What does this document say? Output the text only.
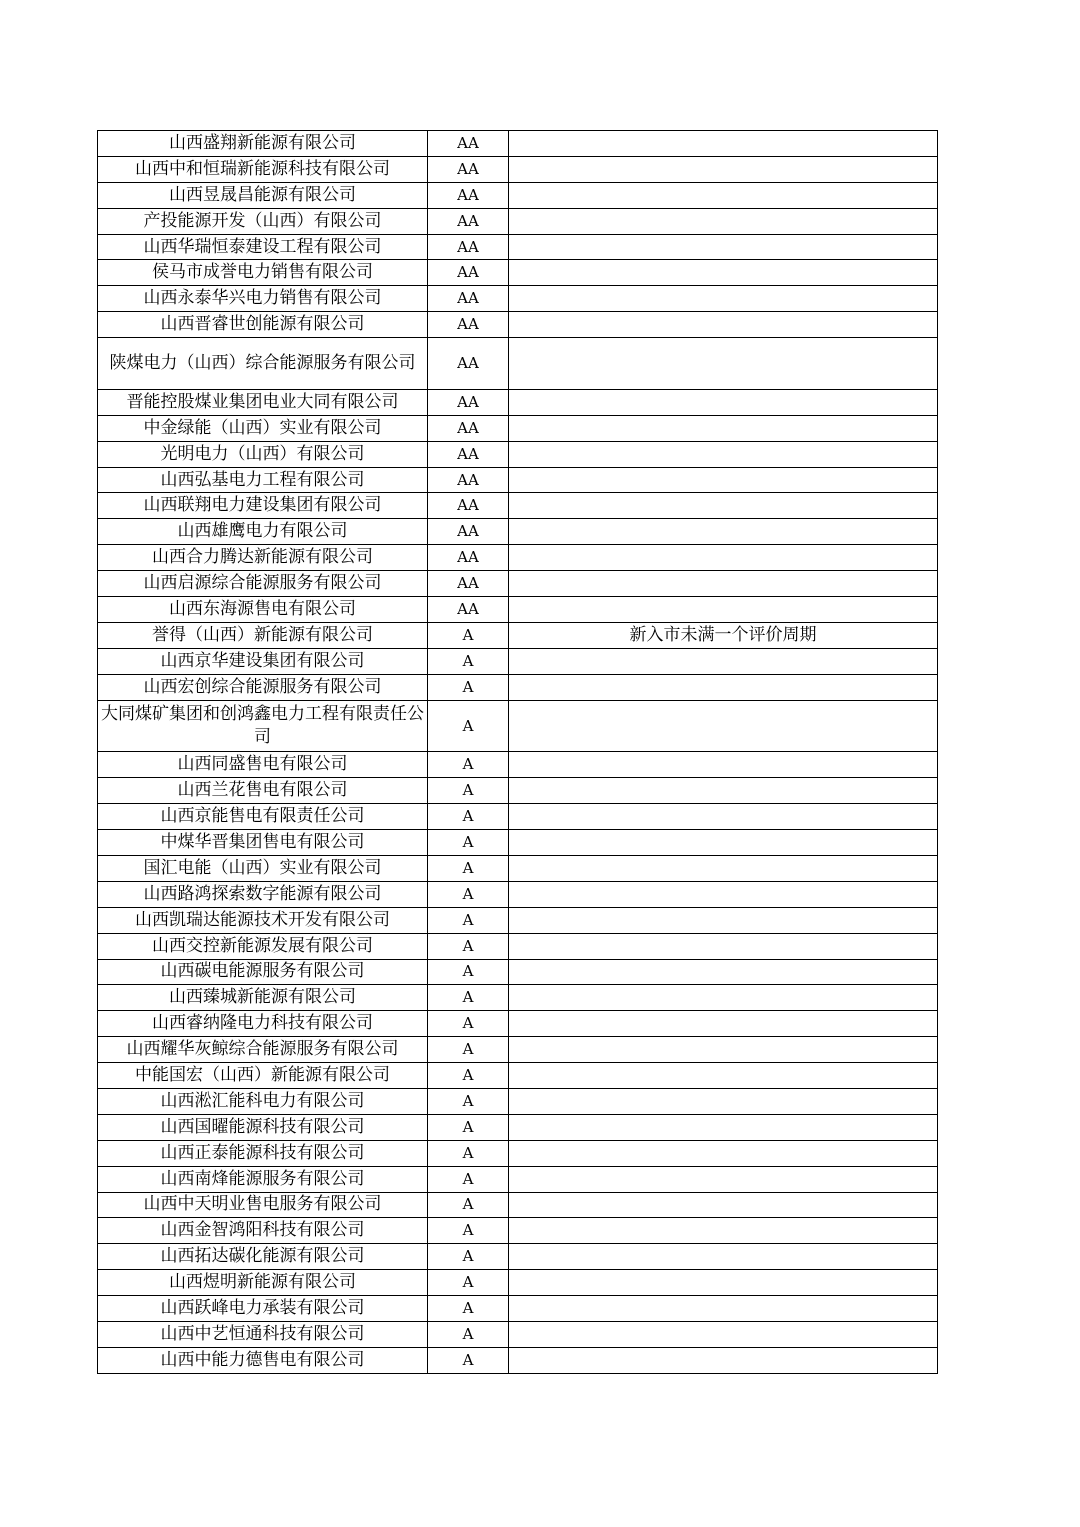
山西盛翔新能源有限公司	AA	
山西中和恒瑞新能源科技有限公司	AA	
山西昱晟昌能源有限公司	AA	
产投能源开发（山西）有限公司	AA	
山西华瑞恒泰建设工程有限公司	AA	
侯马市成誉电力销售有限公司	AA	
山西永泰华兴电力销售有限公司	AA	
山西晋睿世创能源有限公司	AA	
陕煤电力（山西）综合能源服务有限公司	AA	
晋能控股煤业集团电业大同有限公司	AA	
中金绿能（山西）实业有限公司	AA	
光明电力（山西）有限公司	AA	
山西弘基电力工程有限公司	AA	
山西联翔电力建设集团有限公司	AA	
山西雄鹰电力有限公司	AA	
山西合力腾达新能源有限公司	AA	
山西启源综合能源服务有限公司	AA	
山西东海源售电有限公司	AA	
誉得（山西）新能源有限公司	A	新入市未满一个评价周期
山西京华建设集团有限公司	A	
山西宏创综合能源服务有限公司	A	
大同煤矿集团和创鸿鑫电力工程有限责任公司	A	
山西同盛售电有限公司	A	
山西兰花售电有限公司	A	
山西京能售电有限责任公司	A	
中煤华晋集团售电有限公司	A	
国汇电能（山西）实业有限公司	A	
山西路鸿探索数字能源有限公司	A	
山西凯瑞达能源技术开发有限公司	A	
山西交控新能源发展有限公司	A	
山西碳电能源服务有限公司	A	
山西臻城新能源有限公司	A	
山西睿纳隆电力科技有限公司	A	
山西耀华灰鲸综合能源服务有限公司	A	
中能国宏（山西）新能源有限公司	A	
山西淞汇能科电力有限公司	A	
山西国曜能源科技有限公司	A	
山西正泰能源科技有限公司	A	
山西南烽能源服务有限公司	A	
山西中天明业售电服务有限公司	A	
山西金智鸿阳科技有限公司	A	
山西拓达碳化能源有限公司	A	
山西煜明新能源有限公司	A	
山西跃峰电力承装有限公司	A	
山西中艺恒通科技有限公司	A	
山西中能力德售电有限公司	A	
